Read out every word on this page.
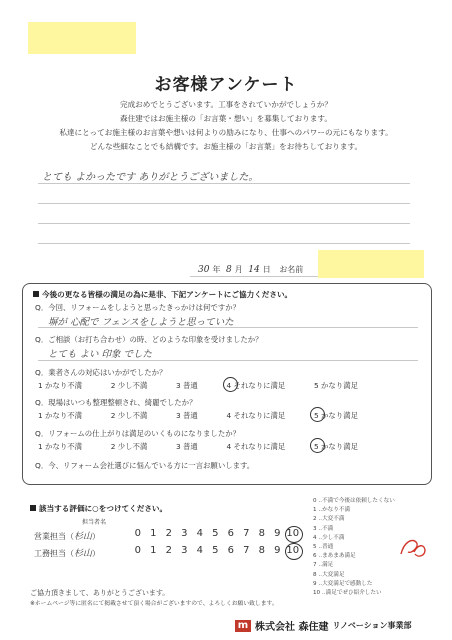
お客様アンケート
完成おめでとうございます。工事をされていかがでしょうか？
森住建ではお施主様の「お言葉・想い」を募集しております。
私達にとってお施主様のお言葉や想いは何よりの励みになり、仕事へのパワーの元にもなります。
どんな些細なことでも結構です。お施主様の「お言葉」をお待ちしております。
とても よかったです ありがとうございました。
30 年 8 月 14 日 お名前
今後の更なる皆様の満足の為に是非、下記アンケートにご協力ください。
Q．今回、リフォームをしようと思ったきっかけは何ですか？
塀が 心配で フェンスをしようと思っていた
Q．ご相談（お打ち合わせ）の時、どのような印象を受けましたか？
とても よい 印象 でした
Q．業者さんの対応はいかがでしたか？
1 かなり不満	2 少し不満	3 普通	4 それなりに満足	5 かなり満足
Q．現場はいつも整理整頓され、綺麗でしたか？
1 かなり不満	2 少し不満	3 普通	4 それなりに満足	5 かなり満足
Q．リフォームの仕上がりは満足のいくものになりましたか？
1 かなり不満	2 少し不満	3 普通	4 それなりに満足	5 かなり満足
Q．今、リフォーム会社選びに悩んでいる方に一言お願いします。
該当する評価に○をつけてください。
担当者名
営業担当（杉山）	0 1 2 3 4 5 6 7 8 9 10
工務担当（杉山）	0 1 2 3 4 5 6 7 8 9 10
0 ‥不満で今後は依頼したくない
1 ‥かなり不満
2 ‥大変不満
3 ‥不満
4 ‥少し不満
5 ‥普通
6 ‥まあまあ満足
7 ‥満足
8 ‥大変満足
9 ‥大変満足で感動した
10 ‥満足でぜひ紹介したい
ご協力頂きまして、ありがとうございます。
※ホームページ等に匿名にて掲載させて頂く場合がございますので、よろしくお願い致します。
m 株式会社 森住建 リノベーション事業部
